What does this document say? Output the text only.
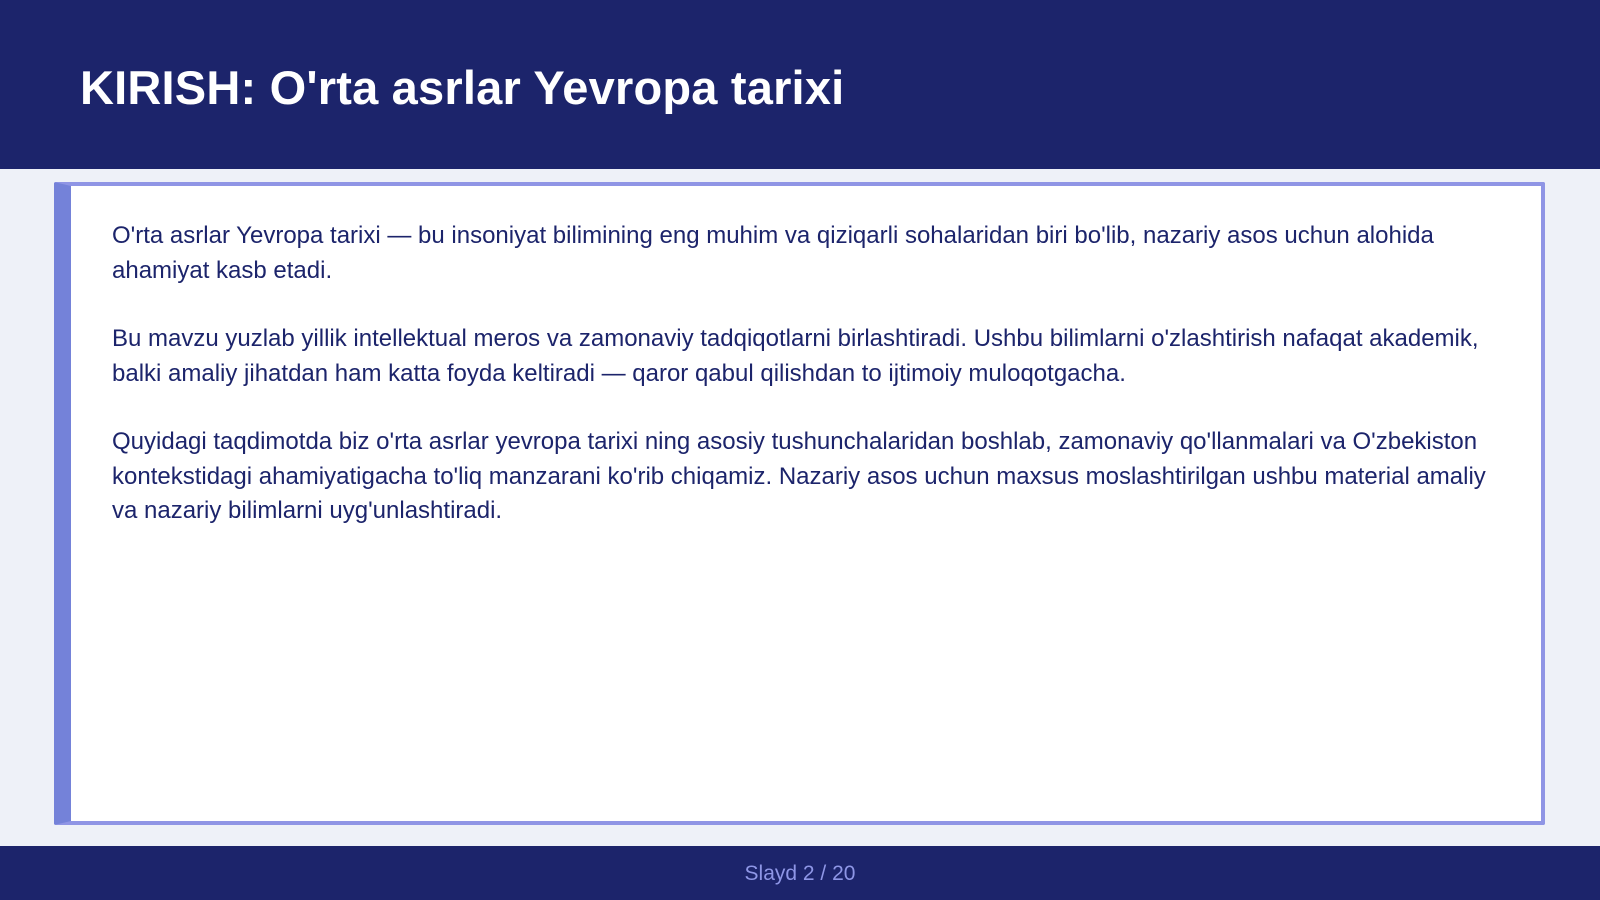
KIRISH: O'rta asrlar Yevropa tarixi

O'rta asrlar Yevropa tarixi — bu insoniyat bilimining eng muhim va qiziqarli sohalaridan biri bo'lib, nazariy asos uchun alohida ahamiyat kasb etadi.

Bu mavzu yuzlab yillik intellektual meros va zamonaviy tadqiqotlarni birlashtiradi. Ushbu bilimlarni o'zlashtirish nafaqat akademik, balki amaliy jihatdan ham katta foyda keltiradi — qaror qabul qilishdan to ijtimoiy muloqotgacha.

Quyidagi taqdimotda biz o'rta asrlar yevropa tarixi ning asosiy tushunchalaridan boshlab, zamonaviy qo'llanmalari va O'zbekiston kontekstidagi ahamiyatigacha to'liq manzarani ko'rib chiqamiz. Nazariy asos uchun maxsus moslashtirilgan ushbu material amaliy va nazariy bilimlarni uyg'unlashtiradi.

Slayd 2 / 20
